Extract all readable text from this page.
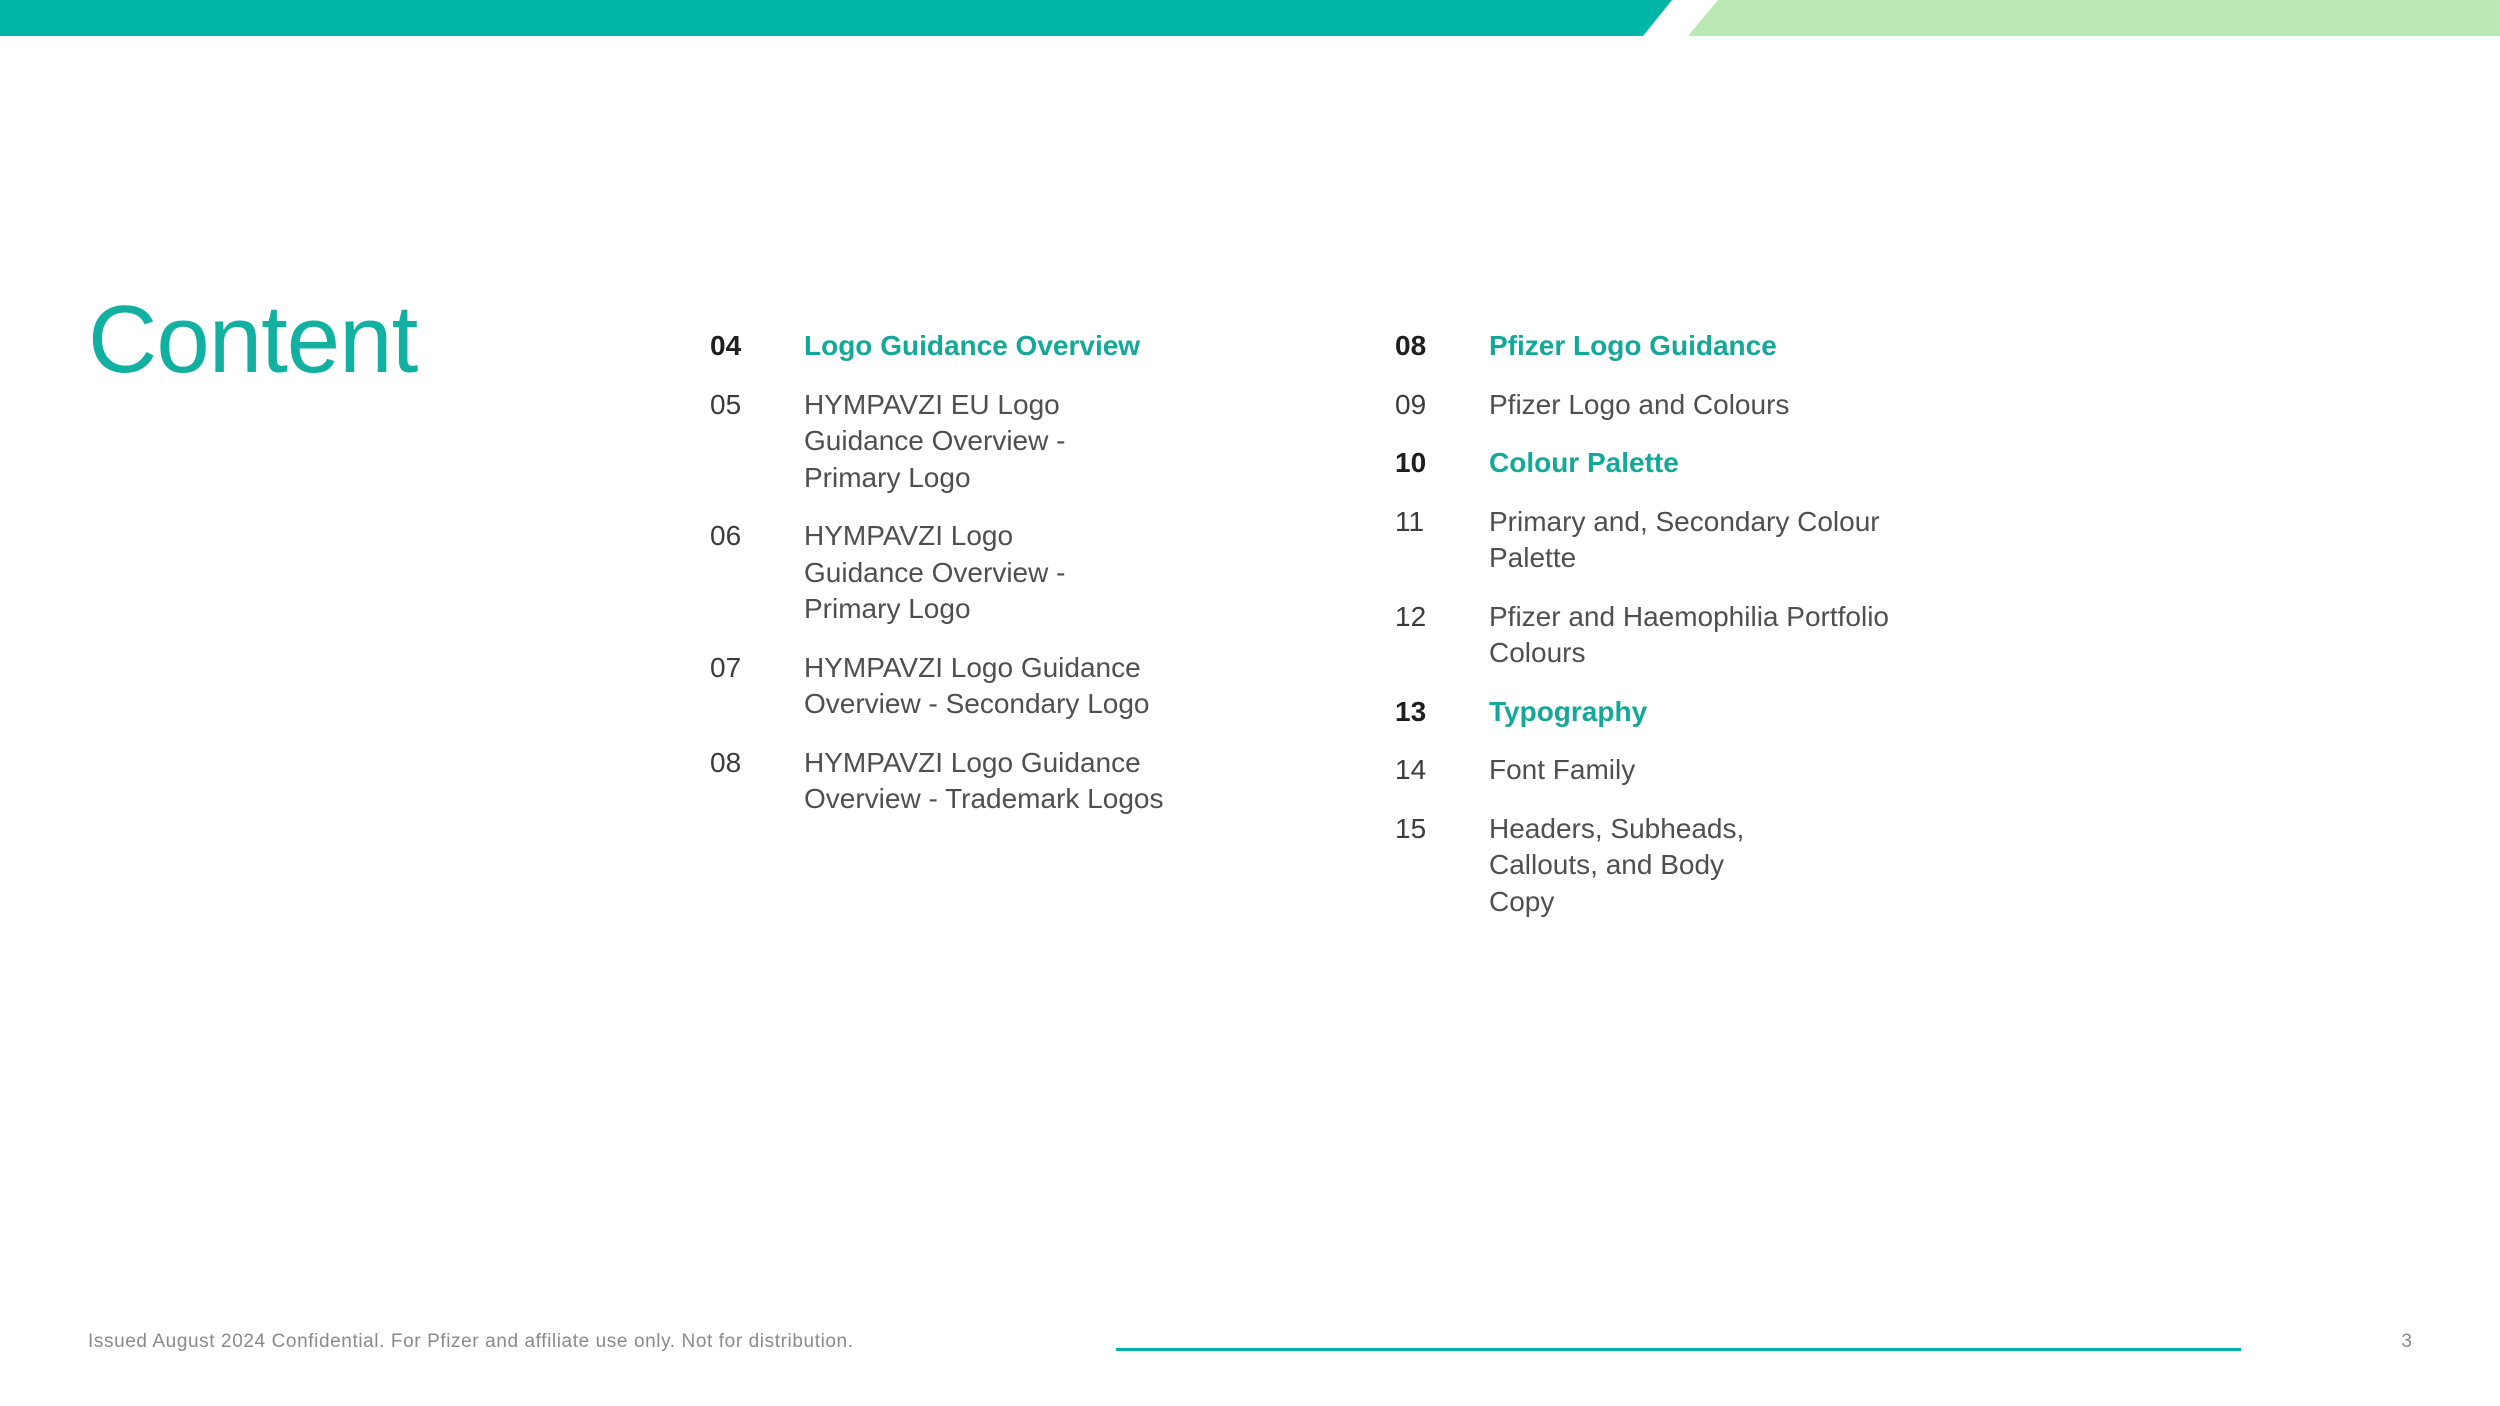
Content	04	Logo Guidance Overview
05	HYMPAVZI EU Logo Guidance Overview - Primary Logo
06	HYMPAVZI Logo Guidance Overview - Primary Logo
07	HYMPAVZI Logo Guidance Overview - Secondary Logo
08	HYMPAVZI Logo Guidance Overview - Trademark Logos
08	Pfizer Logo Guidance
09	Pfizer Logo and Colours
10	Colour Palette
11	Primary and, Secondary Colour Palette
12	Pfizer and Haemophilia Portfolio Colours
13	Typography
14	Font Family
15	Headers, Subheads, Callouts, and Body Copy
Issued August 2024 Confidential. For Pfizer and affiliate use only. Not for distribution.	3
